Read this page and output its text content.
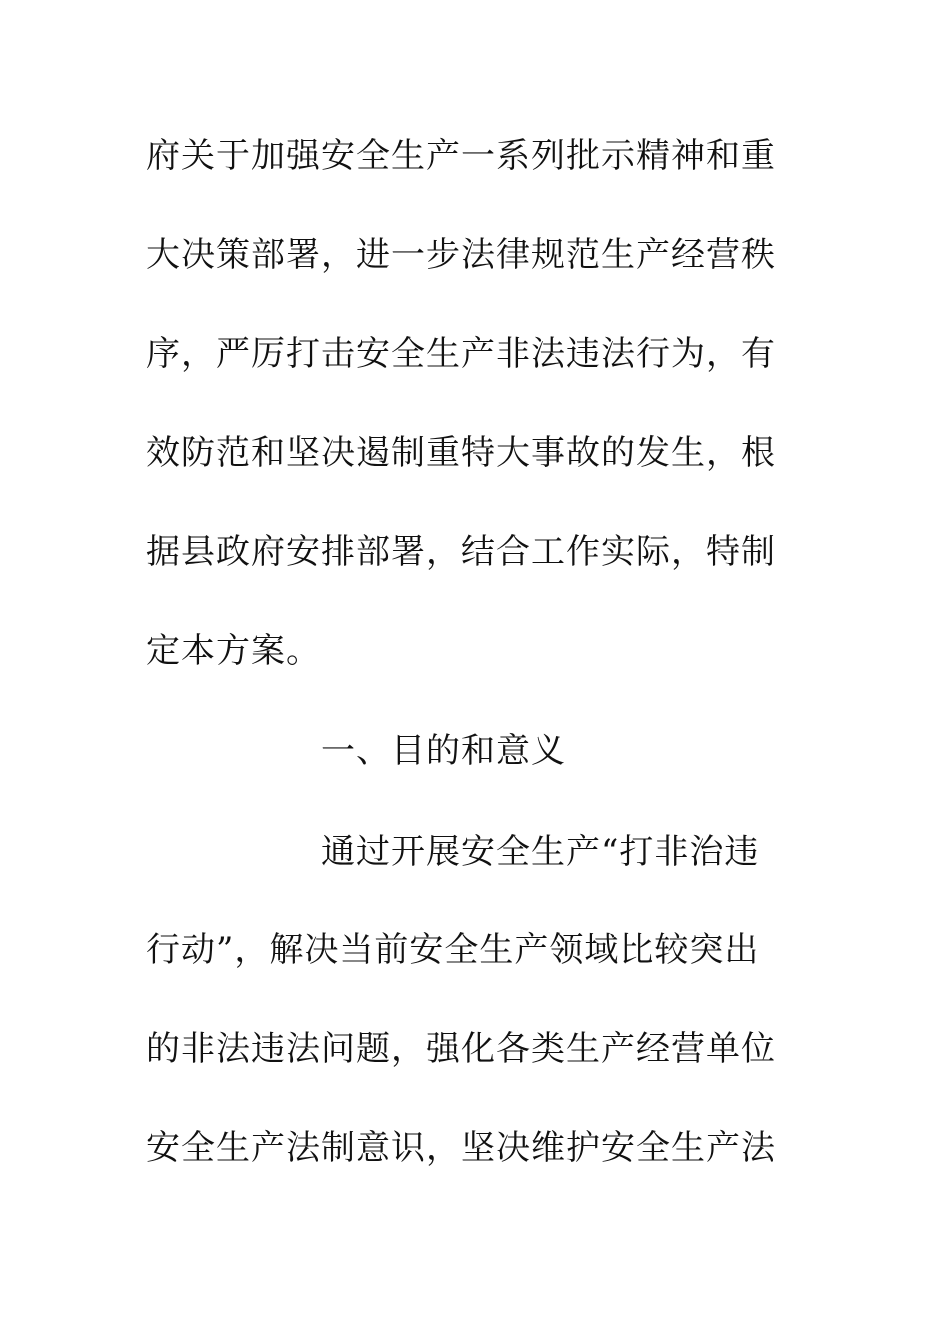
府关于加强安全生产一系列批示精神和重
大决策部署，进一步法律规范生产经营秩
序，严厉打击安全生产非法违法行为，有
效防范和坚决遏制重特大事故的发生，根
据县政府安排部署，结合工作实际，特制
定本方案。
一、目的和意义
通过开展安全生产“打非治违
行动”，解决当前安全生产领域比较突出
的非法违法问题，强化各类生产经营单位
安全生产法制意识，坚决维护安全生产法
